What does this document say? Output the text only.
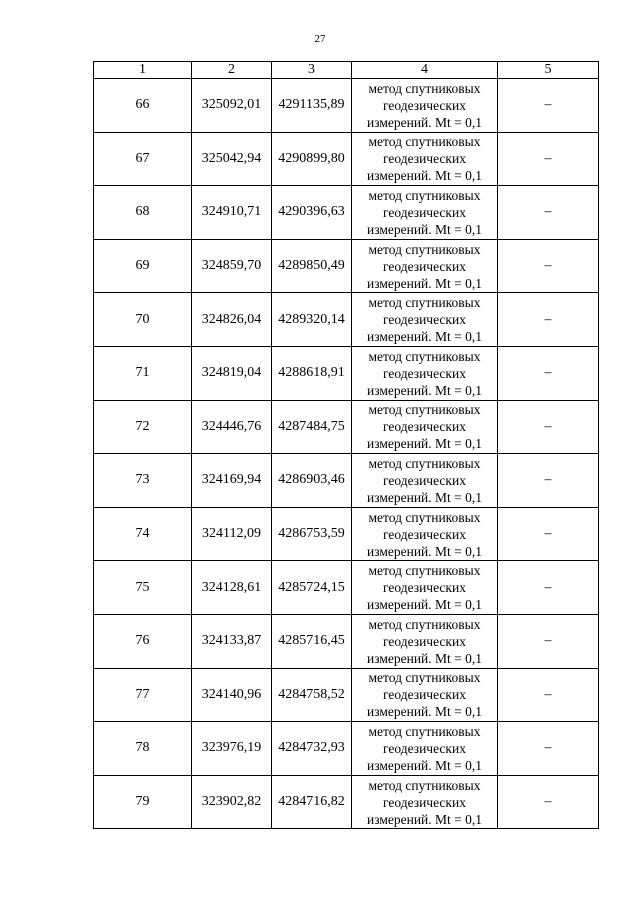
27
1	2	3	4	5
66	325092,01	4291135,89	метод спутниковых
геодезических
измерений. Mt = 0,1	–
67	325042,94	4290899,80	метод спутниковых
геодезических
измерений. Mt = 0,1	–
68	324910,71	4290396,63	метод спутниковых
геодезических
измерений. Mt = 0,1	–
69	324859,70	4289850,49	метод спутниковых
геодезических
измерений. Mt = 0,1	–
70	324826,04	4289320,14	метод спутниковых
геодезических
измерений. Mt = 0,1	–
71	324819,04	4288618,91	метод спутниковых
геодезических
измерений. Mt = 0,1	–
72	324446,76	4287484,75	метод спутниковых
геодезических
измерений. Mt = 0,1	–
73	324169,94	4286903,46	метод спутниковых
геодезических
измерений. Mt = 0,1	–
74	324112,09	4286753,59	метод спутниковых
геодезических
измерений. Mt = 0,1	–
75	324128,61	4285724,15	метод спутниковых
геодезических
измерений. Mt = 0,1	–
76	324133,87	4285716,45	метод спутниковых
геодезических
измерений. Mt = 0,1	–
77	324140,96	4284758,52	метод спутниковых
геодезических
измерений. Mt = 0,1	–
78	323976,19	4284732,93	метод спутниковых
геодезических
измерений. Mt = 0,1	–
79	323902,82	4284716,82	метод спутниковых
геодезических
измерений. Mt = 0,1	–
